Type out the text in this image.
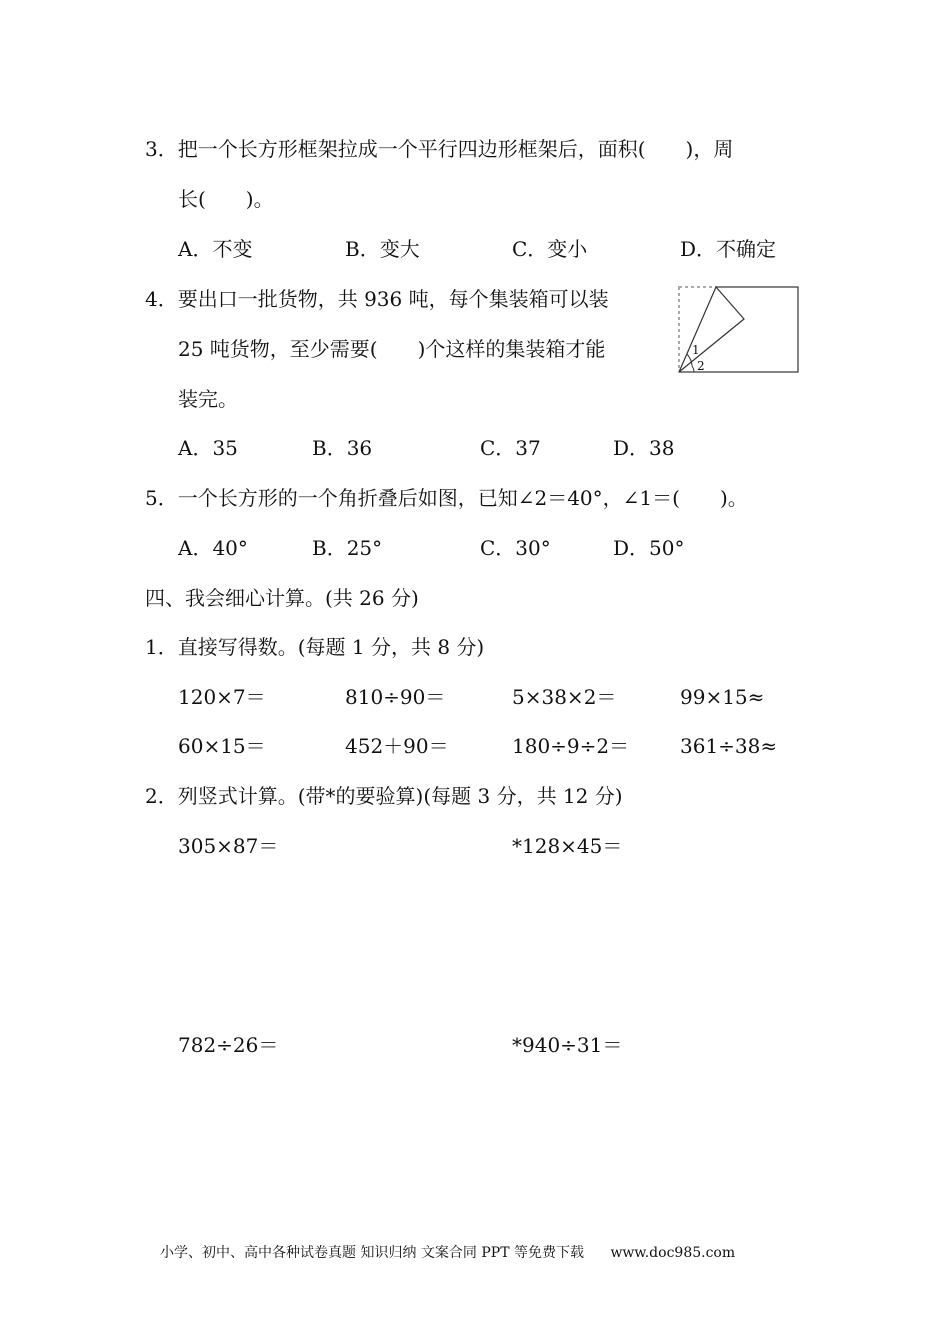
3．把一个长方形框架拉成一个平行四边形框架后，面积(　　)，周
长(　　)。
A．不变	B．变大	C．变小	D．不确定
4．要出口一批货物，共 936 吨，每个集装箱可以装
25 吨货物，至少需要(　　)个这样的集装箱才能
装完。
A．35	B．36	C．37	D．38
1
2
5．一个长方形的一个角折叠后如图，已知∠2＝40°，∠1＝(　　)。
A．40°	B．25°	C．30°	D．50°
四、我会细心计算。(共 26 分)
1．直接写得数。(每题 1 分，共 8 分)
120×7＝	810÷90＝	5×38×2＝	99×15≈
60×15＝	452＋90＝	180÷9÷2＝	361÷38≈
2．列竖式计算。(带*的要验算)(每题 3 分，共 12 分)
305×87＝	*128×45＝
782÷26＝	*940÷31＝
小学、初中、高中各种试卷真题 知识归纳 文案合同 PPT 等免费下载 www.doc985.com
